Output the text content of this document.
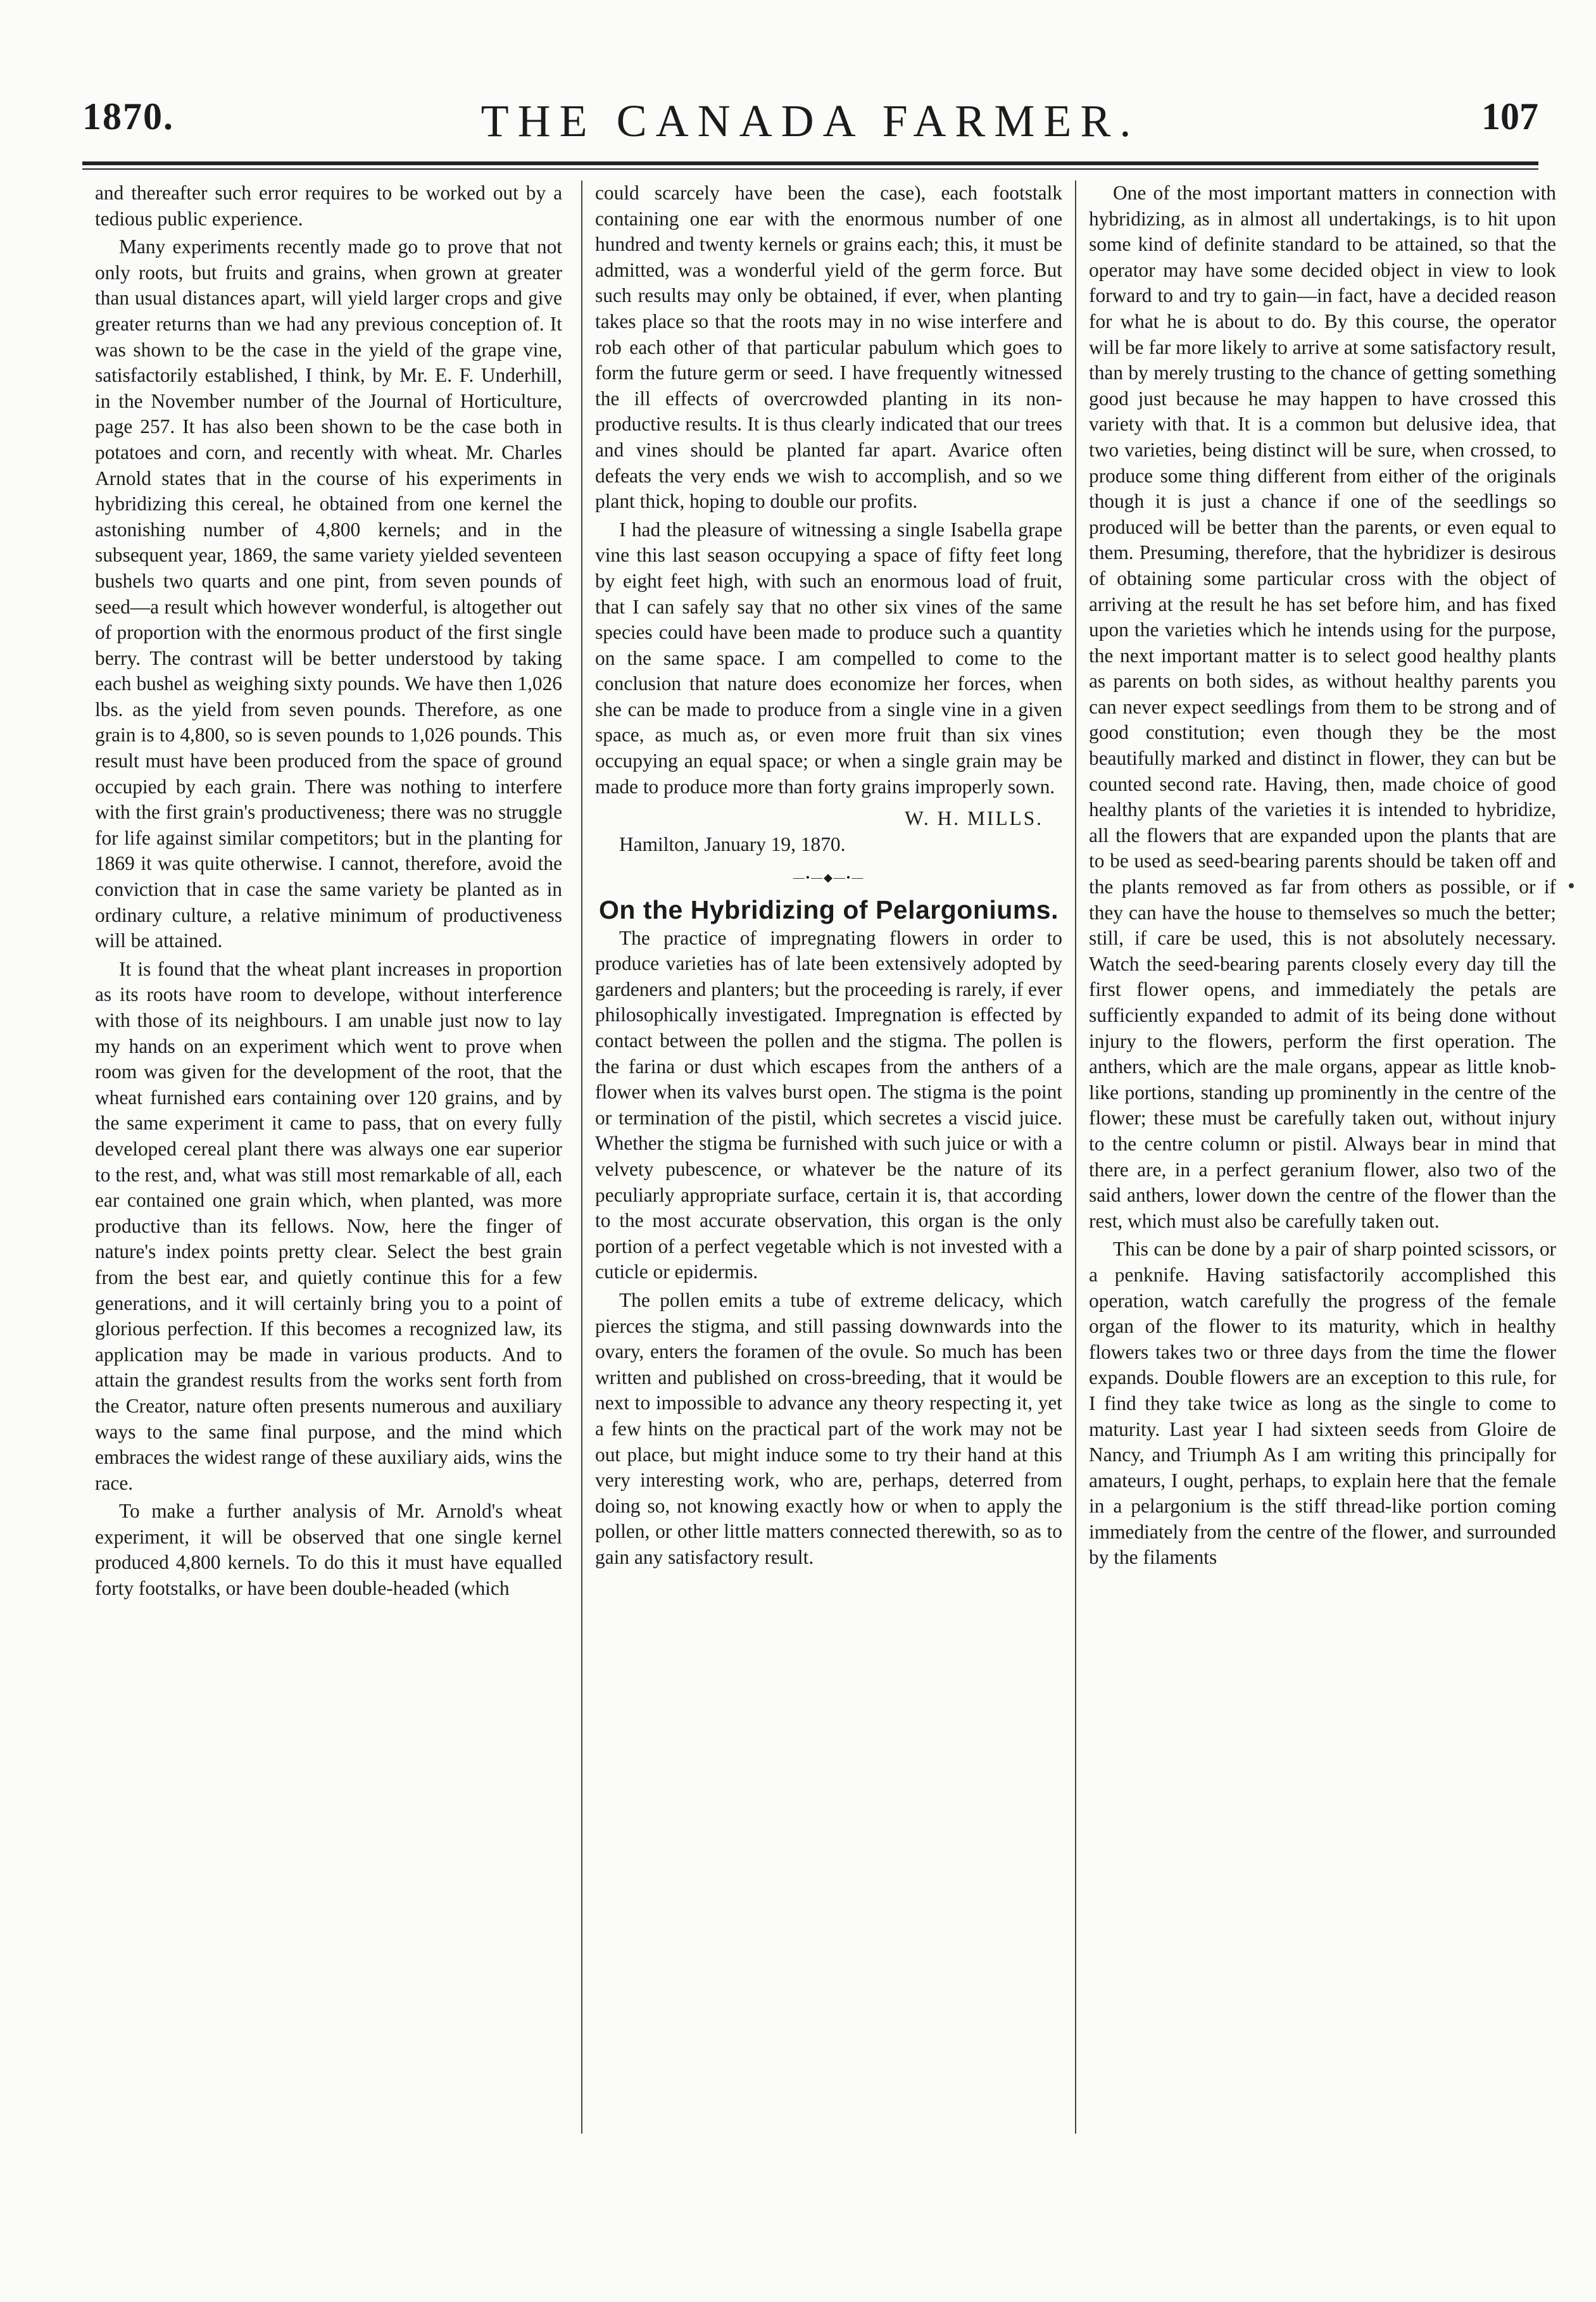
THE CANADA FARMER.
1870.	107

and thereafter such error requires to be worked out by a tedious public experience.

Many experiments recently made go to prove that not only roots, but fruits and grains, when grown at greater than usual distances apart, will yield larger crops and give greater returns than we had any previous conception of. It was shown to be the case in the yield of the grape vine, satisfactorily established, I think, by Mr. E. F. Underhill, in the November number of the Journal of Horticulture, page 257. It has also been shown to be the case both in potatoes and corn, and recently with wheat. Mr. Charles Arnold states that in the course of his experiments in hybridizing this cereal, he obtained from one kernel the astonishing number of 4,800 kernels; and in the subsequent year, 1869, the same variety yielded seventeen bushels two quarts and one pint, from seven pounds of seed—a result which however wonderful, is altogether out of proportion with the enormous product of the first single berry. The contrast will be better understood by taking each bushel as weighing sixty pounds. We have then 1,026 lbs. as the yield from seven pounds. Therefore, as one grain is to 4,800, so is seven pounds to 1,026 pounds. This result must have been produced from the space of ground occupied by each grain. There was nothing to interfere with the first grain's productiveness; there was no struggle for life against similar competitors; but in the planting for 1869 it was quite otherwise. I cannot, therefore, avoid the conviction that in case the same variety be planted as in ordinary culture, a relative minimum of productiveness will be attained.

It is found that the wheat plant increases in proportion as its roots have room to develope, without interference with those of its neighbours. I am unable just now to lay my hands on an experiment which went to prove when room was given for the development of the root, that the wheat furnished ears containing over 120 grains, and by the same experiment it came to pass, that on every fully developed cereal plant there was always one ear superior to the rest, and, what was still most remarkable of all, each ear contained one grain which, when planted, was more productive than its fellows. Now, here the finger of nature's index points pretty clear. Select the best grain from the best ear, and quietly continue this for a few generations, and it will certainly bring you to a point of glorious perfection. If this becomes a recognized law, its application may be made in various products. And to attain the grandest results from the works sent forth from the Creator, nature often presents numerous and auxiliary ways to the same final purpose, and the mind which embraces the widest range of these auxiliary aids, wins the race.

To make a further analysis of Mr. Arnold's wheat experiment, it will be observed that one single kernel produced 4,800 kernels. To do this it must have equalled forty footstalks, or have been double-headed (which

could scarcely have been the case), each footstalk containing one ear with the enormous number of one hundred and twenty kernels or grains each; this, it must be admitted, was a wonderful yield of the germ force. But such results may only be obtained, if ever, when planting takes place so that the roots may in no wise interfere and rob each other of that particular pabulum which goes to form the future germ or seed. I have frequently witnessed the ill effects of overcrowded planting in its non-productive results. It is thus clearly indicated that our trees and vines should be planted far apart. Avarice often defeats the very ends we wish to accomplish, and so we plant thick, hoping to double our profits.

I had the pleasure of witnessing a single Isabella grape vine this last season occupying a space of fifty feet long by eight feet high, with such an enormous load of fruit, that I can safely say that no other six vines of the same species could have been made to produce such a quantity on the same space. I am compelled to come to the conclusion that nature does economize her forces, when she can be made to produce from a single vine in a given space, as much as, or even more fruit than six vines occupying an equal space; or when a single grain may be made to produce more than forty grains improperly sown.

W. H. MILLS.
Hamilton, January 19, 1870.
—•—◆—•—

On the Hybridizing of Pelargoniums.

The practice of impregnating flowers in order to produce varieties has of late been extensively adopted by gardeners and planters; but the proceeding is rarely, if ever philosophically investigated. Impregnation is effected by contact between the pollen and the stigma. The pollen is the farina or dust which escapes from the anthers of a flower when its valves burst open. The stigma is the point or termination of the pistil, which secretes a viscid juice. Whether the stigma be furnished with such juice or with a velvety pubescence, or whatever be the nature of its peculiarly appropriate surface, certain it is, that according to the most accurate observation, this organ is the only portion of a perfect vegetable which is not invested with a cuticle or epidermis.

The pollen emits a tube of extreme delicacy, which pierces the stigma, and still passing downwards into the ovary, enters the foramen of the ovule. So much has been written and published on cross-breeding, that it would be next to impossible to advance any theory respecting it, yet a few hints on the practical part of the work may not be out place, but might induce some to try their hand at this very interesting work, who are, perhaps, deterred from doing so, not knowing exactly how or when to apply the pollen, or other little matters connected therewith, so as to gain any satisfactory result.

One of the most important matters in connection with hybridizing, as in almost all undertakings, is to hit upon some kind of definite standard to be attained, so that the operator may have some decided object in view to look forward to and try to gain—in fact, have a decided reason for what he is about to do. By this course, the operator will be far more likely to arrive at some satisfactory result, than by merely trusting to the chance of getting something good just because he may happen to have crossed this variety with that. It is a common but delusive idea, that two varieties, being distinct will be sure, when crossed, to produce some thing different from either of the originals though it is just a chance if one of the seedlings so produced will be better than the parents, or even equal to them. Presuming, therefore, that the hybridizer is desirous of obtaining some particular cross with the object of arriving at the result he has set before him, and has fixed upon the varieties which he intends using for the purpose, the next important matter is to select good healthy plants as parents on both sides, as without healthy parents you can never expect seedlings from them to be strong and of good constitution; even though they be the most beautifully marked and distinct in flower, they can but be counted second rate. Having, then, made choice of good healthy plants of the varieties it is intended to hybridize, all the flowers that are expanded upon the plants that are to be used as seed-bearing parents should be taken off and the plants removed as far from others as possible, or if they can have the house to themselves so much the better; still, if care be used, this is not absolutely necessary. Watch the seed-bearing parents closely every day till the first flower opens, and immediately the petals are sufficiently expanded to admit of its being done without injury to the flowers, perform the first operation. The anthers, which are the male organs, appear as little knob-like portions, standing up prominently in the centre of the flower; these must be carefully taken out, without injury to the centre column or pistil. Always bear in mind that there are, in a perfect geranium flower, also two of the said anthers, lower down the centre of the flower than the rest, which must also be carefully taken out.

This can be done by a pair of sharp pointed scissors, or a penknife. Having satisfactorily accomplished this operation, watch carefully the progress of the female organ of the flower to its maturity, which in healthy flowers takes two or three days from the time the flower expands. Double flowers are an exception to this rule, for I find they take twice as long as the single to come to maturity. Last year I had sixteen seeds from Gloire de Nancy, and Triumph As I am writing this principally for amateurs, I ought, perhaps, to explain here that the female in a pelargonium is the stiff thread-like portion coming immediately from the centre of the flower, and surrounded by the filaments
